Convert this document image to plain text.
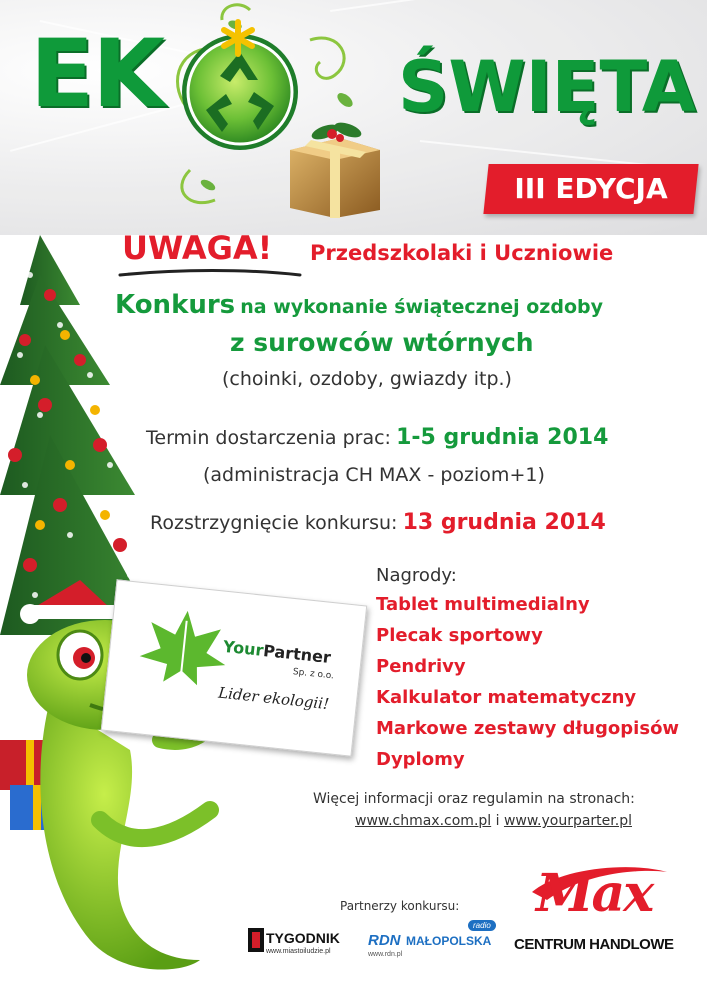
EK	ŚWIĘTA
III EDYCJA
YourPartner
Sp. z o.o.
Lider ekologii!
UWAGA! Przedszkolaki i Uczniowie
Konkurs na wykonanie świątecznej ozdoby
z surowców wtórnych
(choinki, ozdoby, gwiazdy itp.)
Termin dostarczenia prac: 1-5 grudnia 2014
(administracja CH MAX - poziom+1)
Rozstrzygnięcie konkursu: 13 grudnia 2014
Nagrody:
Tablet multimedialny
Plecak sportowy
Pendrivy
Kalkulator matematyczny
Markowe zestawy długopisów
Dyplomy
Więcej informacji oraz regulamin na stronach:
www.chmax.com.pl i www.yourparter.pl
Partnerzy konkursu:
TYGODNIK
www.miastoiludzie.pl
radio
RDN MAŁOPOLSKA
www.rdn.pl
Max
CENTRUM HANDLOWE
